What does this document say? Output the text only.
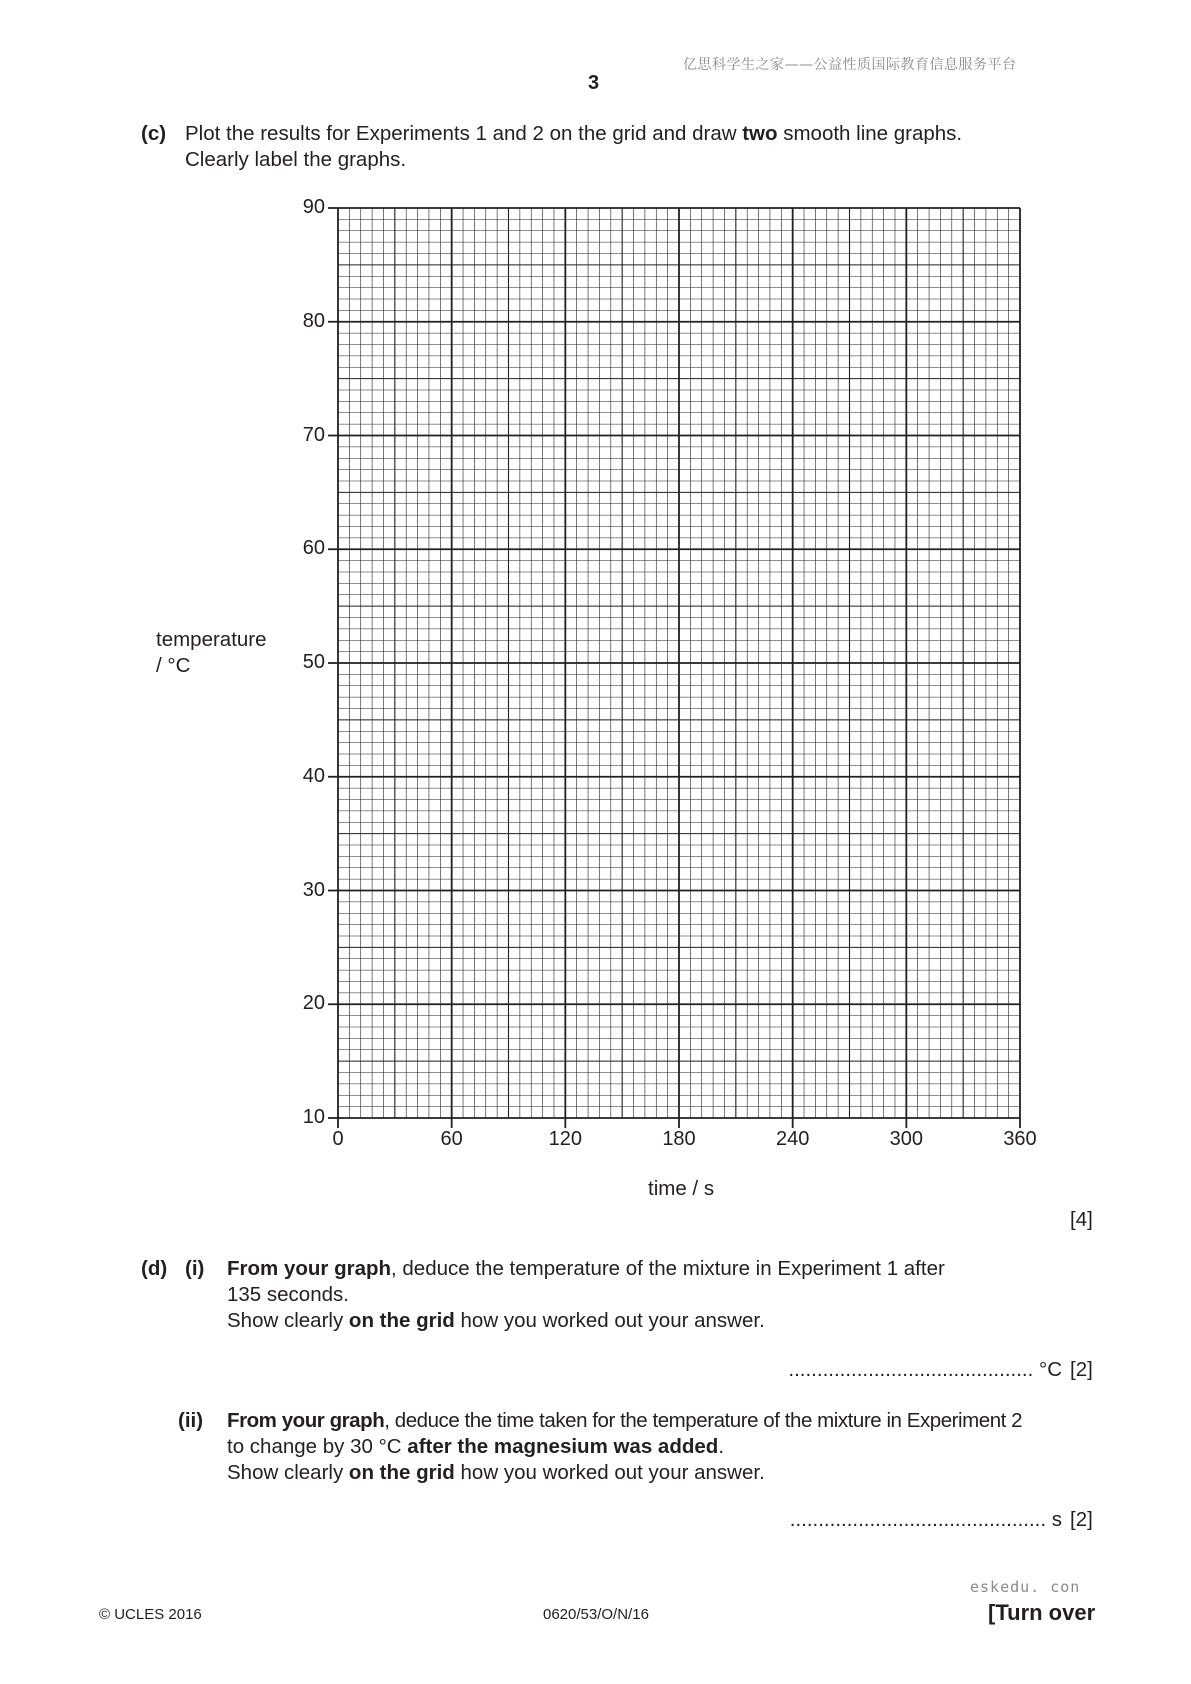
亿思科学生之家——公益性质国际教育信息服务平台
3
(c) Plot the results for Experiments 1 and 2 on the grid and draw two smooth line graphs.
Clearly label the graphs.
temperature
/ °C
90
80
70
60
50
40
30
20
10
0	60	120	180	240	300	360
time / s
[4]
(d) (i) From your graph, deduce the temperature of the mixture in Experiment 1 after
135 seconds.
Show clearly on the grid how you worked out your answer.
........................................... °C [2]
(ii) From your graph, deduce the time taken for the temperature of the mixture in Experiment 2
to change by 30 °C after the magnesium was added.
Show clearly on the grid how you worked out your answer.
............................................. s [2]
eskedu. con
© UCLES 2016	0620/53/O/N/16	[Turn over
